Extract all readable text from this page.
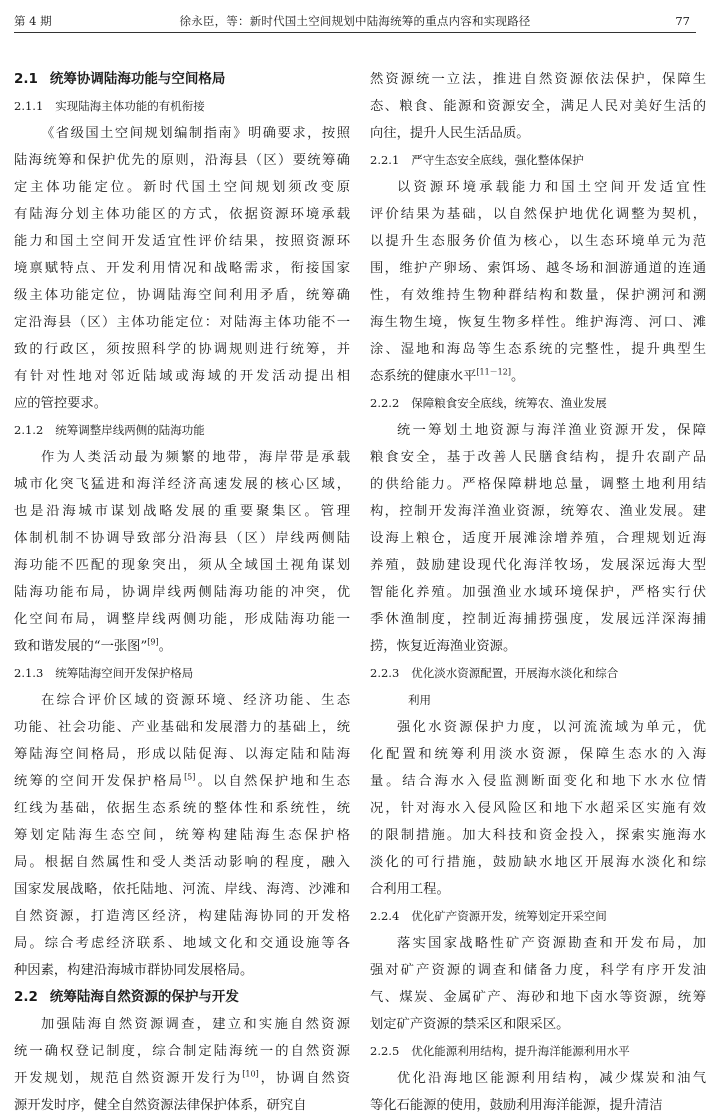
第 4 期	徐永臣，等：新时代国土空间规划中陆海统筹的重点内容和实现路径	77
2.1 统筹协调陆海功能与空间格局
2.1.1 实现陆海主体功能的有机衔接
《省级国土空间规划编制指南》明确要求，按照
陆海统筹和保护优先的原则，沿海县（区）要统筹确
定主体功能定位。新时代国土空间规划须改变原
有陆海分划主体功能区的方式，依据资源环境承载
能力和国土空间开发适宜性评价结果，按照资源环
境禀赋特点、开发利用情况和战略需求，衔接国家
级主体功能定位，协调陆海空间利用矛盾，统筹确
定沿海县（区）主体功能定位：对陆海主体功能不一
致的行政区，须按照科学的协调规则进行统筹，并
有针对性地对邻近陆域或海域的开发活动提出相
应的管控要求。
2.1.2 统筹调整岸线两侧的陆海功能
作为人类活动最为频繁的地带，海岸带是承载
城市化突飞猛进和海洋经济高速发展的核心区域，
也是沿海城市谋划战略发展的重要聚集区。管理
体制机制不协调导致部分沿海县（区）岸线两侧陆
海功能不匹配的现象突出，须从全域国土视角谋划
陆海功能布局，协调岸线两侧陆海功能的冲突，优
化空间布局，调整岸线两侧功能，形成陆海功能一
致和谐发展的“一张图”[9]。
2.1.3 统筹陆海空间开发保护格局
在综合评价区域的资源环境、经济功能、生态
功能、社会功能、产业基础和发展潜力的基础上，统
筹陆海空间格局，形成以陆促海、以海定陆和陆海
统筹的空间开发保护格局[5]。以自然保护地和生态
红线为基础，依据生态系统的整体性和系统性，统
筹划定陆海生态空间，统筹构建陆海生态保护格
局。根据自然属性和受人类活动影响的程度，融入
国家发展战略，依托陆地、河流、岸线、海湾、沙滩和
自然资源，打造湾区经济，构建陆海协同的开发格
局。综合考虑经济联系、地域文化和交通设施等各
种因素，构建沿海城市群协同发展格局。
2.2 统筹陆海自然资源的保护与开发
加强陆海自然资源调查，建立和实施自然资源
统一确权登记制度，综合制定陆海统一的自然资源
开发规划，规范自然资源开发行为[10]，协调自然资
源开发时序，健全自然资源法律保护体系，研究自
然资源统一立法，推进自然资源依法保护，保障生
态、粮食、能源和资源安全，满足人民对美好生活的
向往，提升人民生活品质。
2.2.1 严守生态安全底线，强化整体保护
以资源环境承载能力和国土空间开发适宜性
评价结果为基础，以自然保护地优化调整为契机，
以提升生态服务价值为核心，以生态环境单元为范
围，维护产卵场、索饵场、越冬场和洄游通道的连通
性，有效维持生物种群结构和数量，保护溯河和溯
海生物生境，恢复生物多样性。维护海湾、河口、滩
涂、湿地和海岛等生态系统的完整性，提升典型生
态系统的健康水平[11－12]。
2.2.2 保障粮食安全底线，统筹农、渔业发展
统一筹划土地资源与海洋渔业资源开发，保障
粮食安全，基于改善人民膳食结构，提升农副产品
的供给能力。严格保障耕地总量，调整土地利用结
构，控制开发海洋渔业资源，统筹农、渔业发展。建
设海上粮仓，适度开展滩涂增养殖，合理规划近海
养殖，鼓励建设现代化海洋牧场，发展深远海大型
智能化养殖。加强渔业水域环境保护，严格实行伏
季休渔制度，控制近海捕捞强度，发展远洋深海捕
捞，恢复近海渔业资源。
2.2.3 优化淡水资源配置，开展海水淡化和综合
利用
强化水资源保护力度，以河流流域为单元，优
化配置和统筹利用淡水资源，保障生态水的入海
量。结合海水入侵监测断面变化和地下水水位情
况，针对海水入侵风险区和地下水超采区实施有效
的限制措施。加大科技和资金投入，探索实施海水
淡化的可行措施，鼓励缺水地区开展海水淡化和综
合利用工程。
2.2.4 优化矿产资源开发，统筹划定开采空间
落实国家战略性矿产资源勘查和开发布局，加
强对矿产资源的调查和储备力度，科学有序开发油
气、煤炭、金属矿产、海砂和地下卤水等资源，统筹
划定矿产资源的禁采区和限采区。
2.2.5 优化能源利用结构，提升海洋能源利用水平
优化沿海地区能源利用结构，减少煤炭和油气
等化石能源的使用，鼓励利用海洋能源，提升清洁
